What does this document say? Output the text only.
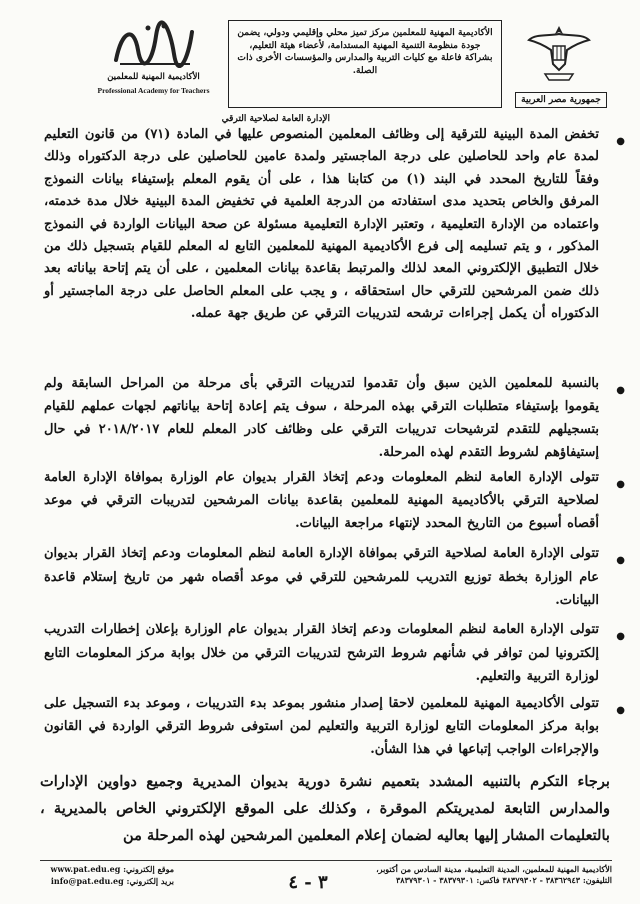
الأكاديمية المهنية للمعلمين
Professional Academy for Teachers
الأكاديمية المهنية للمعلمين مركز تميز محلي وإقليمي ودولي، يضمن جودة منظومة التنمية المهنية المستدامة، لأعضاء هيئة التعليم، بشراكة فاعلة مع كليات التربية والمدارس والمؤسسات الأخرى ذات الصلة.
جمهورية مصر العربية
الإدارة العامة لصلاحية الترقي
●
تخفض المدة البينية للترقية إلى وظائف المعلمين المنصوص عليها في المادة (٧١) من قانون التعليم لمدة عام واحد للحاصلين على درجة الماجستير ولمدة عامين للحاصلين على درجة الدكتوراه وذلك وفقاً للتاريخ المحدد في البند (١) من كتابنا هذا ، على أن يقوم المعلم بإستيفاء بيانات النموذج المرفق والخاص بتحديد مدى استفادته من الدرجة العلمية في تخفيض المدة البينية خلال مدة خدمته، واعتماده من الإدارة التعليمية ، وتعتبر الإدارة التعليمية مسئولة عن صحة البيانات الواردة في النموذج المذكور ، و يتم تسليمه إلى فرع الأكاديمية المهنية للمعلمين التابع له المعلم للقيام بتسجيل ذلك من خلال التطبيق الإلكتروني المعد لذلك والمرتبط بقاعدة بيانات المعلمين ، على أن يتم إتاحة بياناته بعد ذلك ضمن المرشحين للترقي حال استحقاقه ، و يجب على المعلم الحاصل على درجة الماجستير أو الدكتوراه أن يكمل إجراءات ترشحه لتدريبات الترقي عن طريق جهة عمله.
●
بالنسبة للمعلمين الذين سبق وأن تقدموا لتدريبات الترقي بأى مرحلة من المراحل السابقة ولم يقوموا بإستيفاء متطلبات الترقي بهذه المرحلة ، سوف يتم إعادة إتاحة بياناتهم لجهات عملهم للقيام بتسجيلهم للتقدم لترشيحات تدريبات الترقي على وظائف كادر المعلم للعام ٢٠١٨/٢٠١٧ في حال إستيفاؤهم لشروط التقدم لهذه المرحلة.
●
تتولى الإدارة العامة لنظم المعلومات ودعم إتخاذ القرار بديوان عام الوزارة بموافاة الإدارة العامة لصلاحية الترقي بالأكاديمية المهنية للمعلمين بقاعدة بيانات المرشحين لتدريبات الترقي في موعد أقصاه أسبوع من التاريخ المحدد لإنتهاء مراجعة البيانات.
●
تتولى الإدارة العامة لصلاحية الترقي بموافاة الإدارة العامة لنظم المعلومات ودعم إتخاذ القرار بديوان عام الوزارة بخطة توزيع التدريب للمرشحين للترقي في موعد أقصاه شهر من تاريخ إستلام قاعدة البيانات.
●
تتولى الإدارة العامة لنظم المعلومات ودعم إتخاذ القرار بديوان عام الوزارة بإعلان إخطارات التدريب إلكترونيا لمن توافر في شأنهم شروط الترشح لتدريبات الترقي من خلال بوابة مركز المعلومات التابع لوزارة التربية والتعليم.
●
تتولى الأكاديمية المهنية للمعلمين لاحقا إصدار منشور بموعد بدء التدريبات ، وموعد بدء التسجيل على بوابة مركز المعلومات التابع لوزارة التربية والتعليم لمن استوفى شروط الترقي الواردة في القانون والإجراءات الواجب إتباعها في هذا الشأن.
برجاء التكرم بالتنبيه المشدد بتعميم نشرة دورية بديوان المديرية وجميع دواوين الإدارات والمدارس التابعة لمديريتكم الموقرة ، وكذلك على الموقع الإلكتروني الخاص بالمديرية ، بالتعليمات المشار إليها بعاليه لضمان إعلام المعلمين المرشحين لهذه المرحلة من
الأكاديمية المهنية للمعلمين، المدينة التعليمية، مدينة السادس من أكتوبر،
التليفون: ٣٨٣٦٢٩٤٣ - ٣٨٣٧٩٣٠٢ فاكس: ٣٨٣٧٩٣٠١ - ٣٨٣٧٩٣٠١
موقع إلكتروني: www.pat.edu.eg
بريد إلكتروني: info@pat.edu.eg	٣ - ٤
